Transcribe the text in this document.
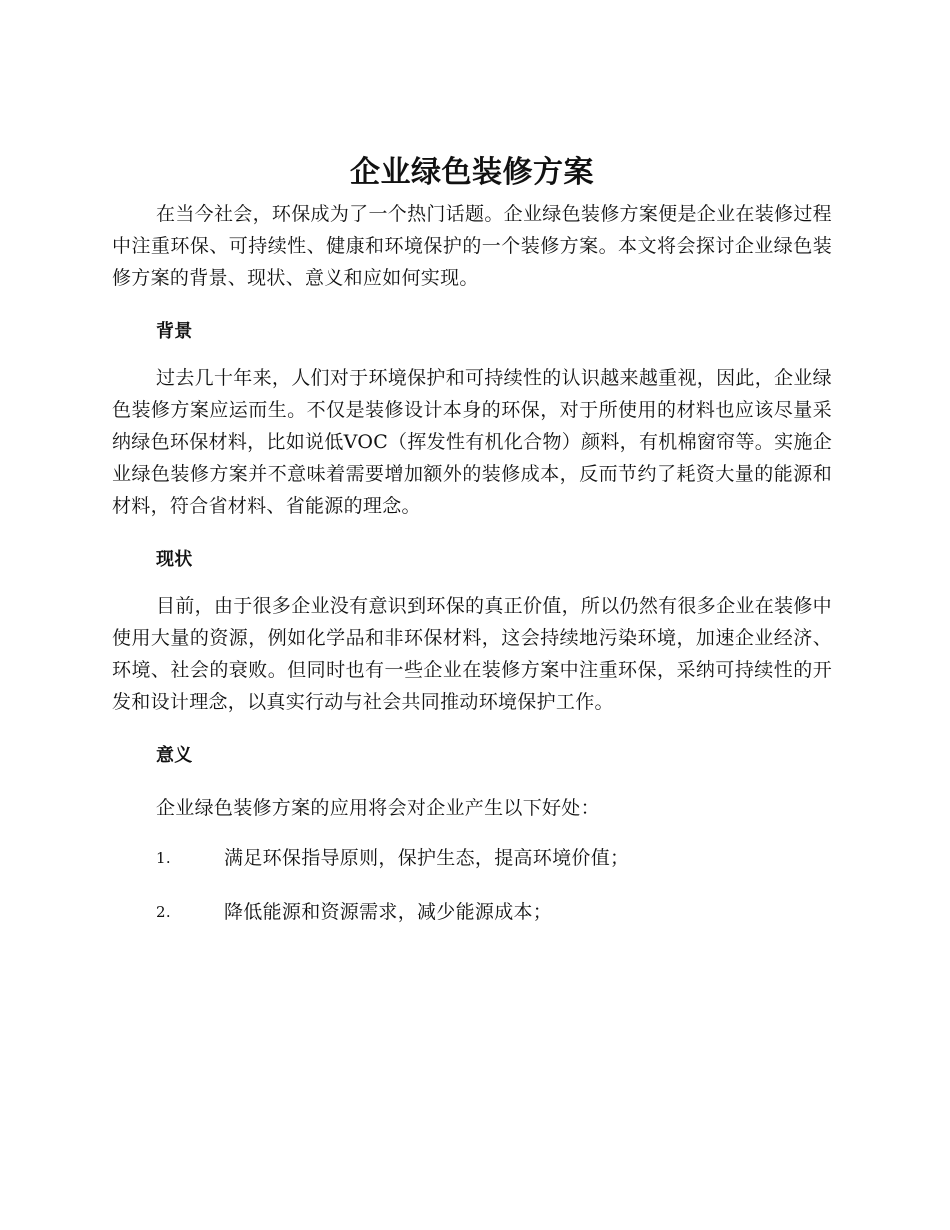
企业绿色装修方案

在当今社会，环保成为了一个热门话题。企业绿色装修方案便是企业在装修过程中注重环保、可持续性、健康和环境保护的一个装修方案。本文将会探讨企业绿色装修方案的背景、现状、意义和应如何实现。

背景

过去几十年来，人们对于环境保护和可持续性的认识越来越重视，因此，企业绿色装修方案应运而生。不仅是装修设计本身的环保，对于所使用的材料也应该尽量采纳绿色环保材料，比如说低VOC（挥发性有机化合物）颜料，有机棉窗帘等。实施企业绿色装修方案并不意味着需要增加额外的装修成本，反而节约了耗资大量的能源和材料，符合省材料、省能源的理念。

现状

目前，由于很多企业没有意识到环保的真正价值，所以仍然有很多企业在装修中使用大量的资源，例如化学品和非环保材料，这会持续地污染环境，加速企业经济、环境、社会的衰败。但同时也有一些企业在装修方案中注重环保，采纳可持续性的开发和设计理念，以真实行动与社会共同推动环境保护工作。

意义

企业绿色装修方案的应用将会对企业产生以下好处：

1.	满足环保指导原则，保护生态，提高环境价值；
2.	降低能源和资源需求，减少能源成本；
